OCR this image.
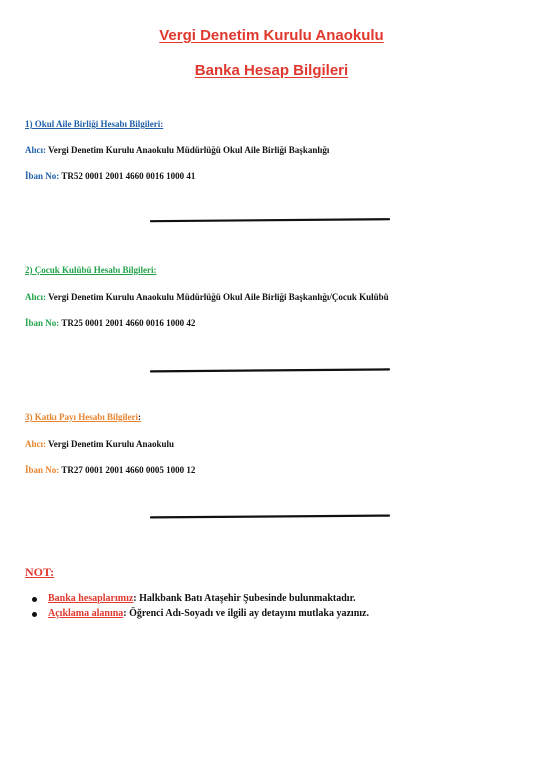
Vergi Denetim Kurulu Anaokulu
Banka Hesap Bilgileri
1) Okul Aile Birliği Hesabı Bilgileri:
Alıcı: Vergi Denetim Kurulu Anaokulu Müdürlüğü Okul Aile Birliği Başkanlığı
İban No: TR52 0001 2001 4660 0016 1000 41
2) Çocuk Kulübü Hesabı Bilgileri:
Alıcı: Vergi Denetim Kurulu Anaokulu Müdürlüğü Okul Aile Birliği Başkanlığı/Çocuk Kulübü
İban No: TR25 0001 2001 4660 0016 1000 42
3) Katkı Payı Hesabı Bilgileri:
Alıcı: Vergi Denetim Kurulu Anaokulu
İban No: TR27 0001 2001 4660 0005 1000 12
NOT:
Banka hesaplarımız: Halkbank Batı Ataşehir Şubesinde bulunmaktadır.
Açıklama alanına: Öğrenci Adı-Soyadı ve ilgili ay detayını mutlaka yazınız.
